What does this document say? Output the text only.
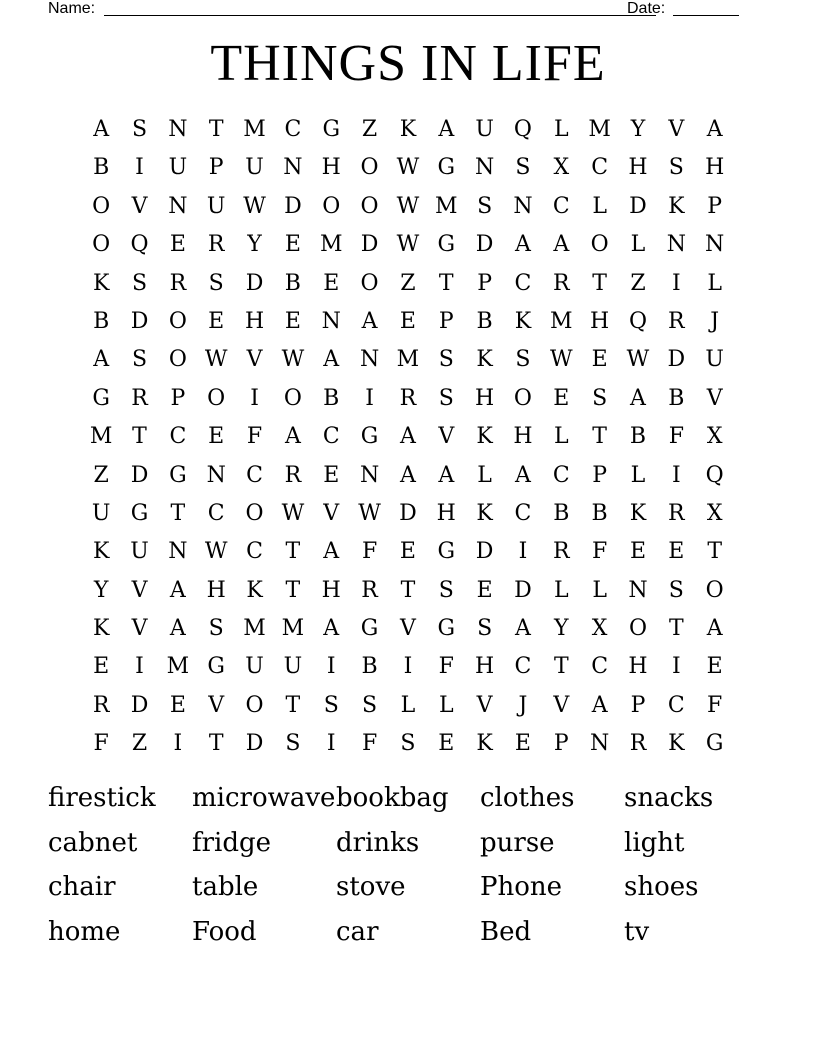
Name:	Date:
THINGS IN LIFE
A	S N T M C G Z	K	A U Q	L M Y	V	A
B	I	U P U N H O W G N S	X	C H S H
O V N U W D O O W M S N C	L	D K	P
O Q E	R	Y	E M D W G D A	A O	L N N
K	S	R	S D B	E O Z	T	P	C R	T	Z	I	L
B D O E H E N A	E	P	B	K M H Q R	J
A	S O W V W A N M S	K	S W E W D U
G R	P O	I	O B	I	R	S H O E	S	A	B	V
M T	C E	F	A C G A	V	K H L	T	B	F	X
Z D G N C R	E N A	A	L	A C	P	L	I	Q
U G	T	C O W V W D H K C B	B	K R	X
K U N W C	T	A	F	E G D	I	R	F	E	E	T
Y	V	A H K	T H R	T	S	E D	L	L N S O
K	V	A	S M M A G V G	S	A	Y	X O T	A
E	I	M G U U	I	B	I	F H C	T	C H	I	E
R D E	V O T	S	S	L	L	V	J	V	A	P	C	F
F	Z	I	T	D S	I	F	S	E	K	E	P N R K G
firestick	microwave bookbag	clothes	snacks
cabnet	fridge	drinks	purse	light
chair	table	stove	Phone	shoes
home	Food	car	Bed	tv
